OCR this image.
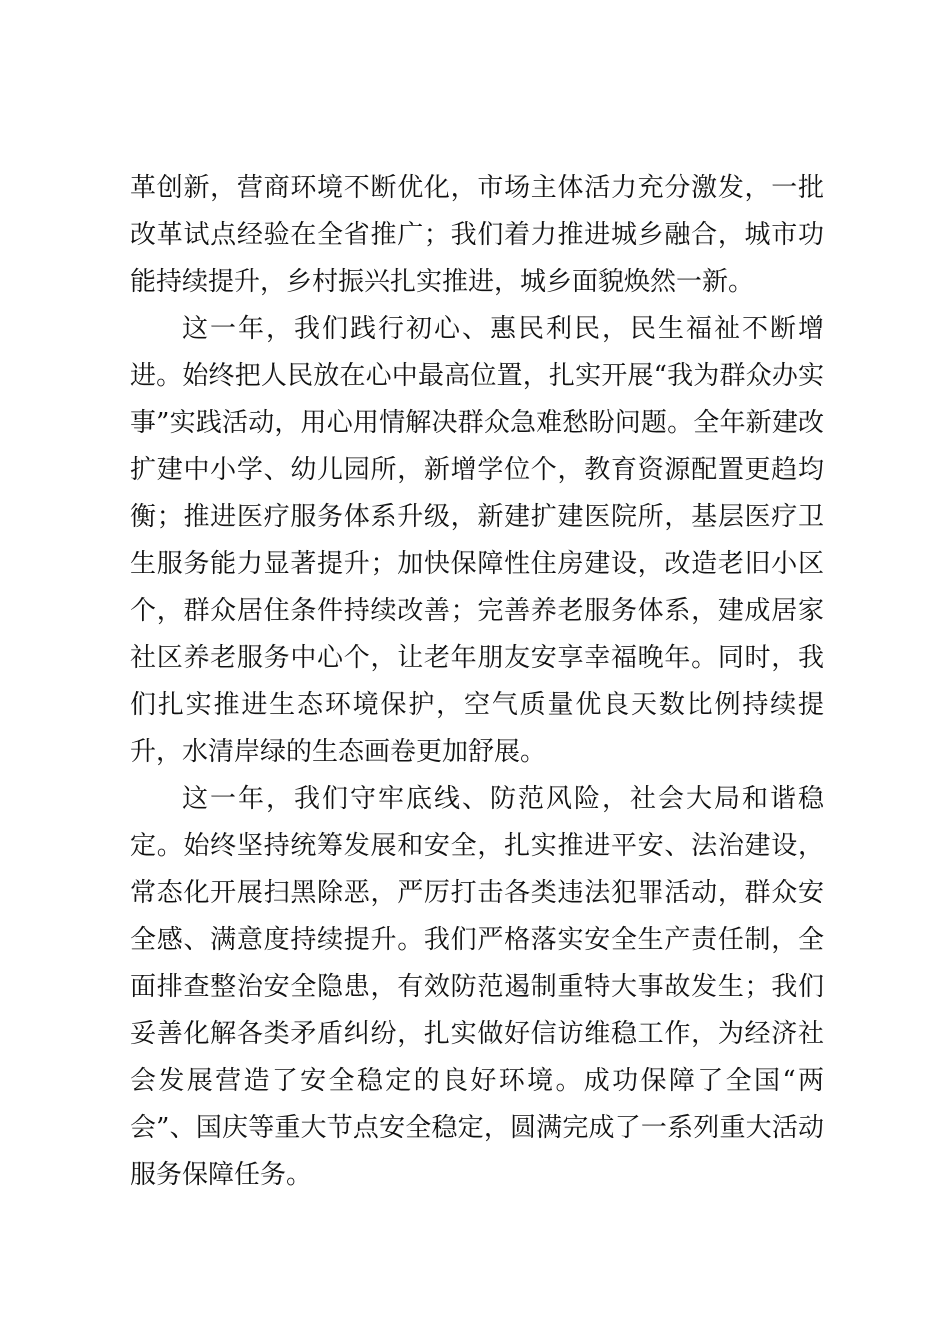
革创新，营商环境不断优化，市场主体活力充分激发，一批改革试点经验在全省推广；我们着力推进城乡融合，城市功能持续提升，乡村振兴扎实推进，城乡面貌焕然一新。

这一年，我们践行初心、惠民利民，民生福祉不断增进。始终把人民放在心中最高位置，扎实开展“我为群众办实事”实践活动，用心用情解决群众急难愁盼问题。全年新建改扩建中小学、幼儿园所，新增学位个，教育资源配置更趋均衡；推进医疗服务体系升级，新建扩建医院所，基层医疗卫生服务能力显著提升；加快保障性住房建设，改造老旧小区个，群众居住条件持续改善；完善养老服务体系，建成居家社区养老服务中心个，让老年朋友安享幸福晚年。同时，我们扎实推进生态环境保护，空气质量优良天数比例持续提升，水清岸绿的生态画卷更加舒展。

这一年，我们守牢底线、防范风险，社会大局和谐稳定。始终坚持统筹发展和安全，扎实推进平安、法治建设，常态化开展扫黑除恶，严厉打击各类违法犯罪活动，群众安全感、满意度持续提升。我们严格落实安全生产责任制，全面排查整治安全隐患，有效防范遏制重特大事故发生；我们妥善化解各类矛盾纠纷，扎实做好信访维稳工作，为经济社会发展营造了安全稳定的良好环境。成功保障了全国“两会”、国庆等重大节点安全稳定，圆满完成了一系列重大活动服务保障任务。
